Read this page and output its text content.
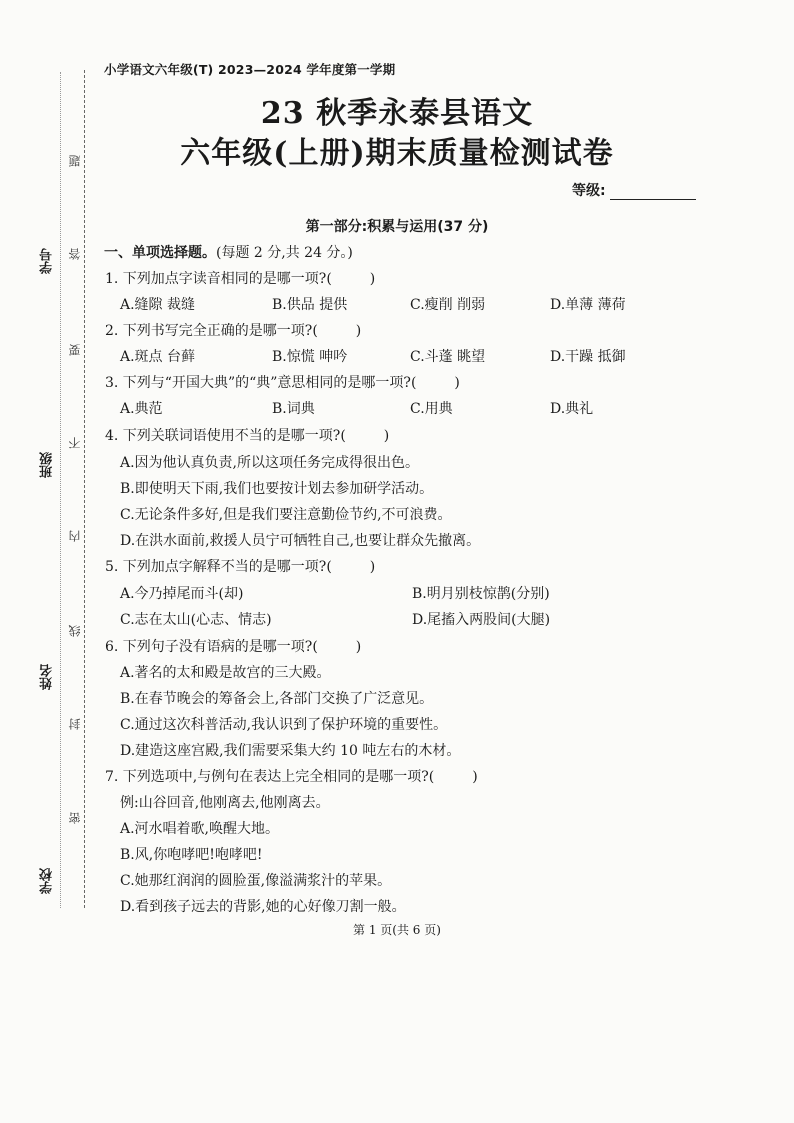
学号
班级
姓名
学校
题
答
要
不
内
线
封
密
小学语文六年级(T) 2023—2024 学年度第一学期
23 秋季永泰县语文
六年级(上册)期末质量检测试卷
等级:
第一部分:积累与运用(37 分)
一、单项选择题。(每题 2 分,共 24 分。)
1. 下列加点字读音相同的是哪一项?(	)
A.缝隙 裁缝	B.供品 提供	C.瘦削 削弱	D.单薄 薄荷
2. 下列书写完全正确的是哪一项?(	)
A.斑点 台藓	B.惊慌 呻吟	C.斗蓬 眺望	D.干躁 抵御
3. 下列与“开国大典”的“典”意思相同的是哪一项?(	)
A.典范	B.词典	C.用典	D.典礼
4. 下列关联词语使用不当的是哪一项?(	)
A.因为他认真负责,所以这项任务完成得很出色。
B.即使明天下雨,我们也要按计划去参加研学活动。
C.无论条件多好,但是我们要注意勤俭节约,不可浪费。
D.在洪水面前,救援人员宁可牺牲自己,也要让群众先撤离。
5. 下列加点字解释不当的是哪一项?(	)
A.今乃掉尾而斗(却)	B.明月别枝惊鹊(分别)
C.志在太山(心志、情志)	D.尾搐入两股间(大腿)
6. 下列句子没有语病的是哪一项?(	)
A.著名的太和殿是故宫的三大殿。
B.在春节晚会的筹备会上,各部门交换了广泛意见。
C.通过这次科普活动,我认识到了保护环境的重要性。
D.建造这座宫殿,我们需要采集大约 10 吨左右的木材。
7. 下列选项中,与例句在表达上完全相同的是哪一项?(	)
例:山谷回音,他刚离去,他刚离去。
A.河水唱着歌,唤醒大地。
B.风,你咆哮吧!咆哮吧!
C.她那红润润的圆脸蛋,像溢满浆汁的苹果。
D.看到孩子远去的背影,她的心好像刀割一般。
第 1 页(共 6 页)
